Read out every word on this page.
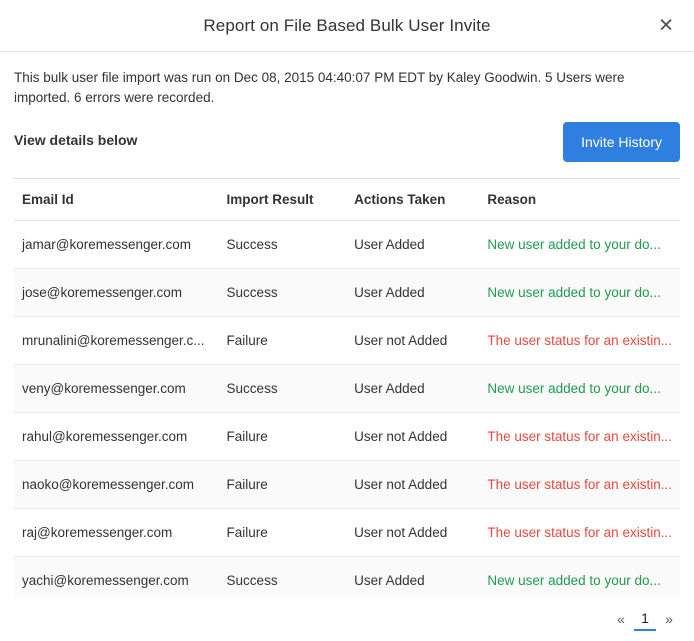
Report on File Based Bulk User Invite	✕

This bulk user file import was run on Dec 08, 2015 04:40:07 PM EDT by Kaley Goodwin. 5 Users were imported. 6 errors were recorded.

View details below	Invite History
Email Id	Import Result	Actions Taken	Reason
jamar@koremessenger.com	Success	User Added	New user added to your do...
jose@koremessenger.com	Success	User Added	New user added to your do...
mrunalini@koremessenger.c...	Failure	User not Added	The user status for an existin...
veny@koremessenger.com	Success	User Added	New user added to your do...
rahul@koremessenger.com	Failure	User not Added	The user status for an existin...
naoko@koremessenger.com	Failure	User not Added	The user status for an existin...
raj@koremessenger.com	Failure	User not Added	The user status for an existin...
yachi@koremessenger.com	Success	User Added	New user added to your do...
«	1	»
